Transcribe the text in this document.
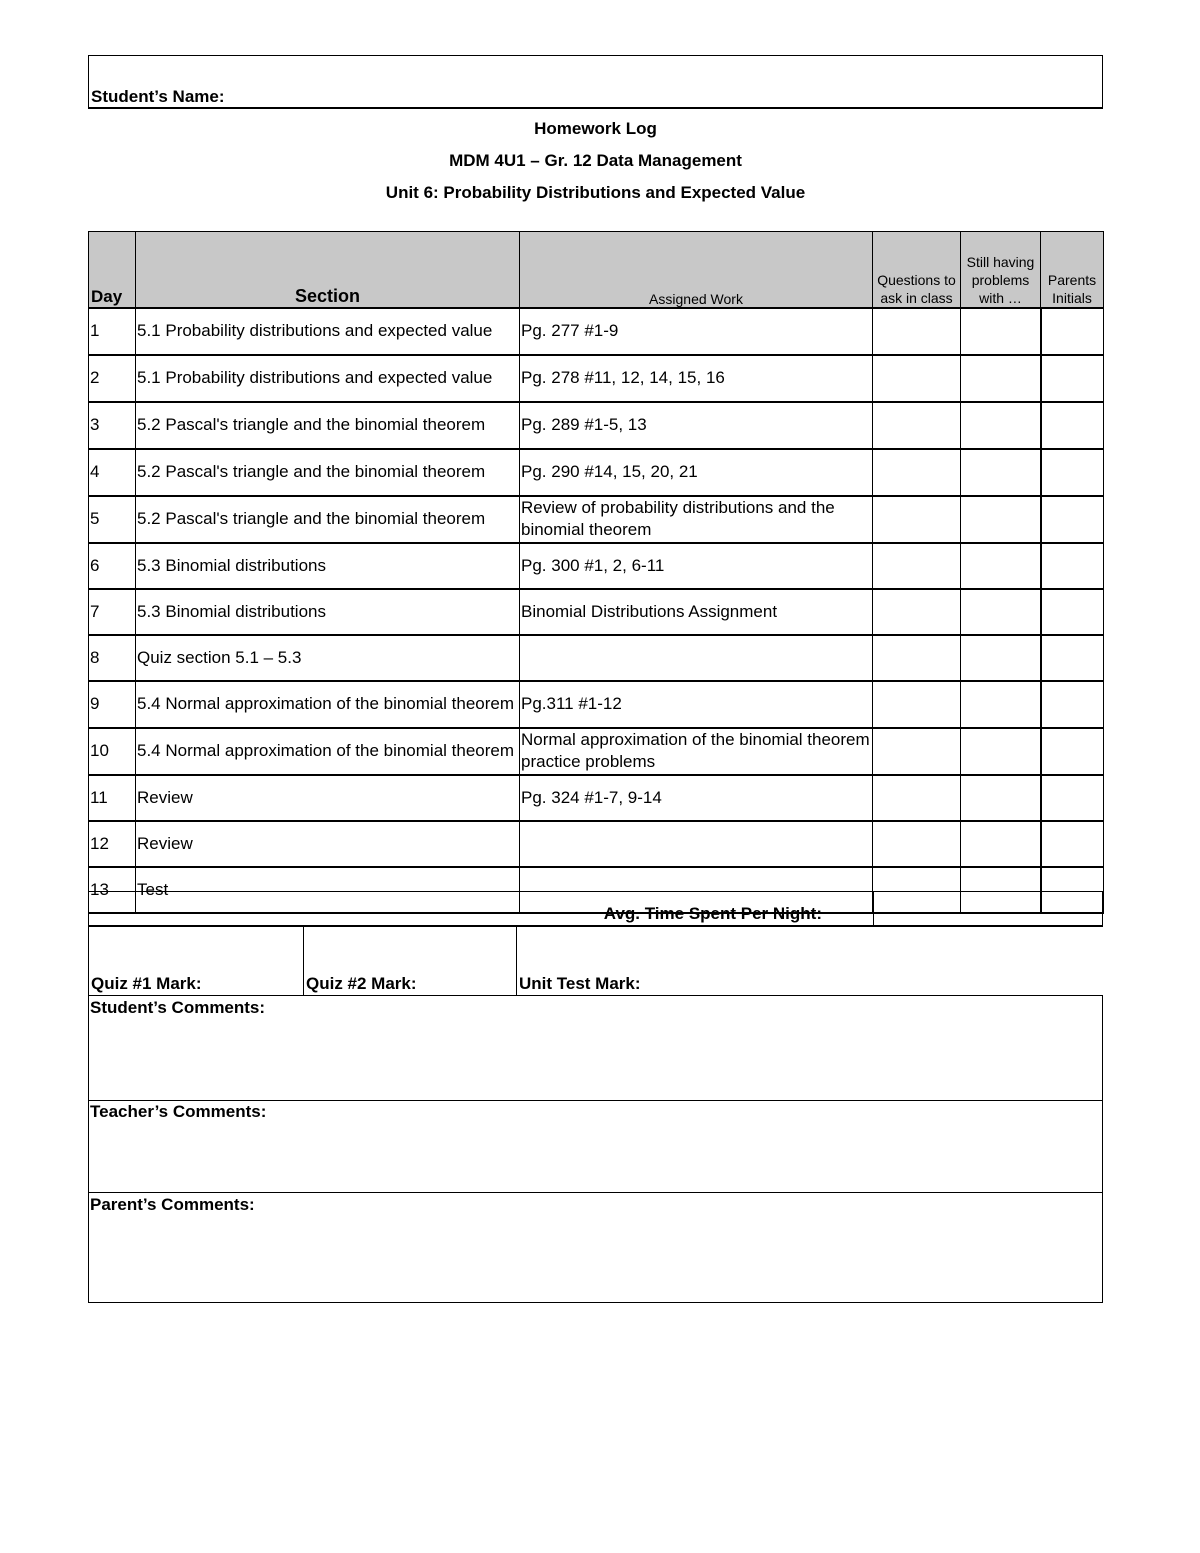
Student’s Name:
Homework Log
MDM 4U1 – Gr. 12 Data Management
Unit 6: Probability Distributions and Expected Value
Day	Section	Assigned Work	Questions to ask in class	Still having problems with …	Parents Initials
1	5.1 Probability distributions and expected value	Pg. 277 #1-9			
2	5.1 Probability distributions and expected value	Pg. 278 #11, 12, 14, 15, 16			
3	5.2 Pascal's triangle and the binomial theorem	Pg. 289 #1-5, 13			
4	5.2 Pascal's triangle and the binomial theorem	Pg. 290 #14, 15, 20, 21			
5	5.2 Pascal's triangle and the binomial theorem	Review of probability distributions and the binomial theorem			
6	5.3 Binomial distributions	Pg. 300 #1, 2, 6-11			
7	5.3 Binomial distributions	Binomial Distributions Assignment			
8	Quiz section 5.1 – 5.3				
9	5.4 Normal approximation of the binomial theorem	Pg.311 #1-12			
10	5.4 Normal approximation of the binomial theorem	Normal approximation of the binomial theorem practice problems			
11	Review	Pg. 324 #1-7, 9-14			
12	Review				
13	Test				
Avg. Time Spent Per Night:
Quiz #1 Mark:	Quiz #2 Mark:	Unit Test Mark:
Student’s Comments:
Teacher’s Comments:
Parent’s Comments:
